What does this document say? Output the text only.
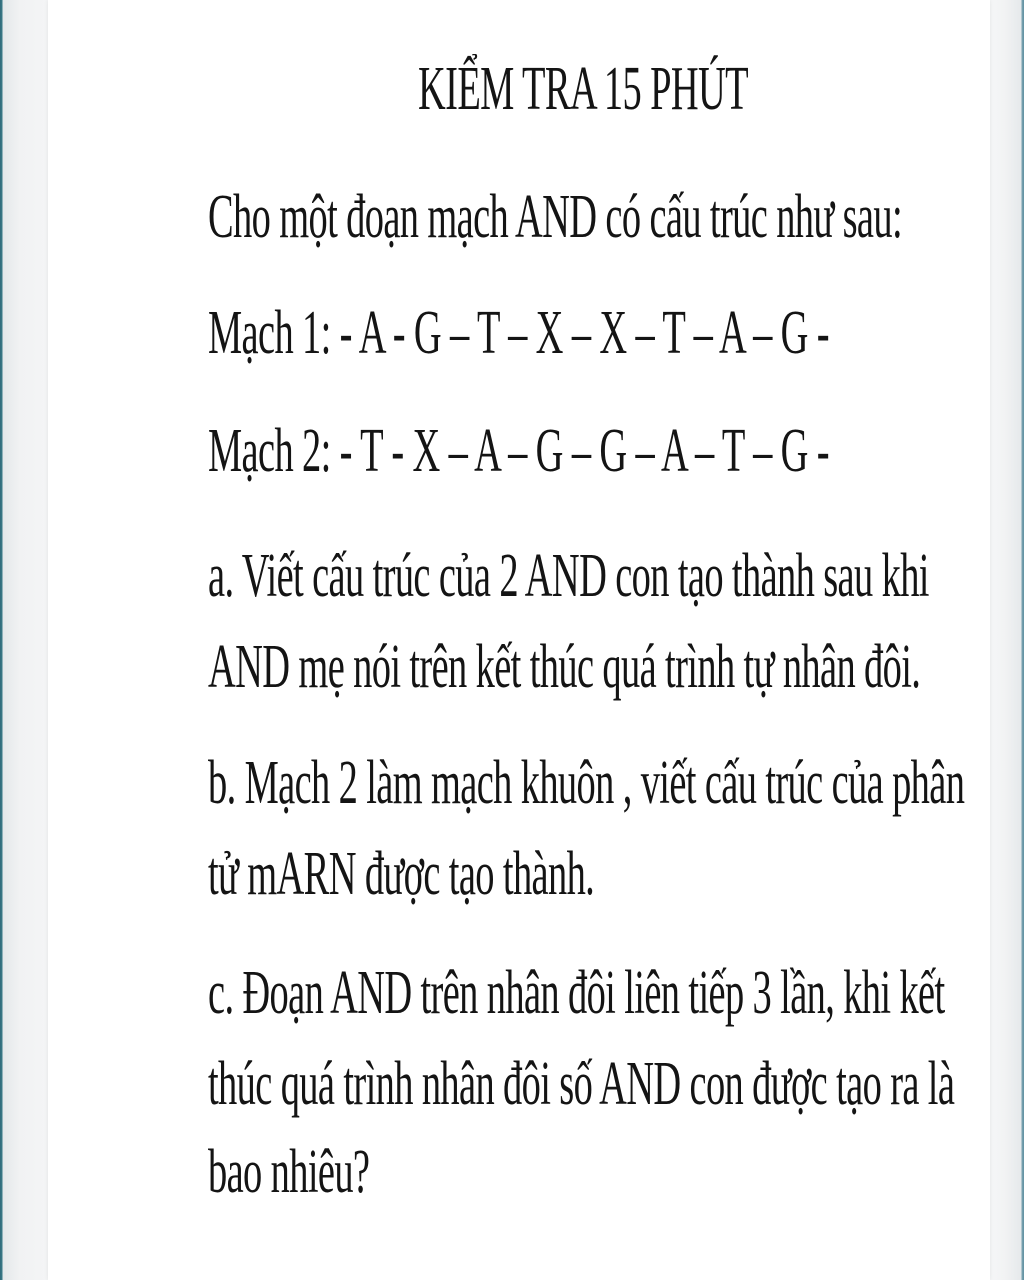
KIỂM TRA 15 PHÚT
Cho một đoạn mạch AND có cấu trúc như sau:
Mạch 1: - A - G – T – X – X – T – A – G -
Mạch 2: - T - X – A – G – G – A – T – G -
a. Viết cấu trúc của 2 AND con tạo thành sau khi
AND mẹ nói trên kết thúc quá trình tự nhân đôi.
b. Mạch 2 làm mạch khuôn , viết cấu trúc của phân
tử mARN được tạo thành.
c. Đoạn AND trên nhân đôi liên tiếp 3 lần, khi kết
thúc quá trình nhân đôi số AND con được tạo ra là
bao nhiêu?
